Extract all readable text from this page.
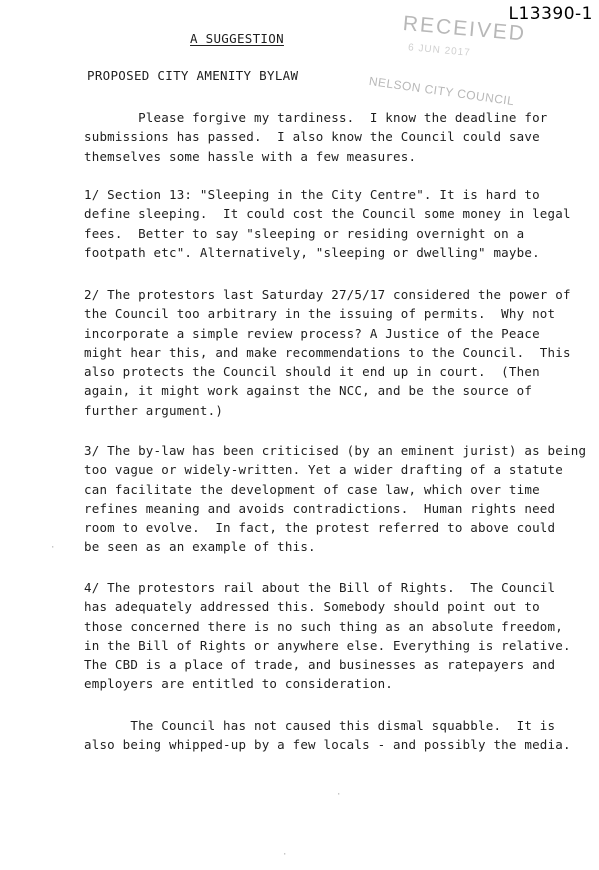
L13390-1
RECEIVED
6 JUN 2017
NELSON CITY COUNCIL
A SUGGESTION
PROPOSED CITY AMENITY BYLAW
Please forgive my tardiness.  I know the deadline for
submissions has passed.  I also know the Council could save
themselves some hassle with a few measures.
1/ Section 13: "Sleeping in the City Centre". It is hard to
define sleeping.  It could cost the Council some money in legal
fees.  Better to say "sleeping or residing overnight on a
footpath etc". Alternatively, "sleeping or dwelling" maybe.
2/ The protestors last Saturday 27/5/17 considered the power of
the Council too arbitrary in the issuing of permits.  Why not
incorporate a simple review process? A Justice of the Peace
might hear this, and make recommendations to the Council.  This
also protects the Council should it end up in court.  (Then
again, it might work against the NCC, and be the source of
further argument.)
3/ The by-law has been criticised (by an eminent jurist) as being
too vague or widely-written. Yet a wider drafting of a statute
can facilitate the development of case law, which over time
refines meaning and avoids contradictions.  Human rights need
room to evolve.  In fact, the protest referred to above could
be seen as an example of this.
4/ The protestors rail about the Bill of Rights.  The Council
has adequately addressed this. Somebody should point out to
those concerned there is no such thing as an absolute freedom,
in the Bill of Rights or anywhere else. Everything is relative.
The CBD is a place of trade, and businesses as ratepayers and
employers are entitled to consideration.
The Council has not caused this dismal squabble.  It is
also being whipped-up by a few locals - and possibly the media.
·
·
·
